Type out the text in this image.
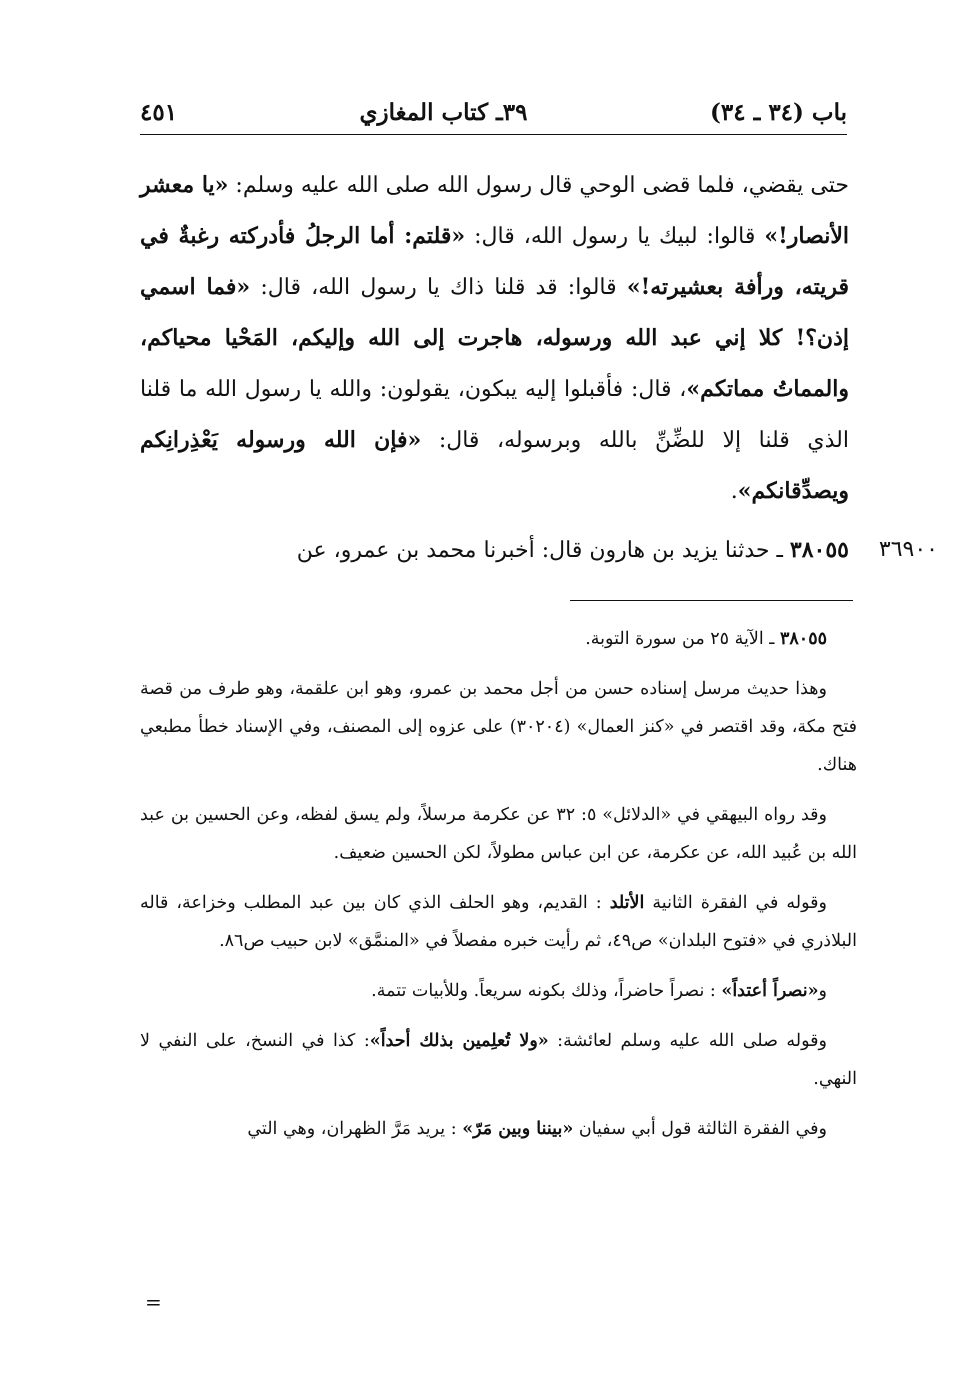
باب (٣٤ ـ ٣٤)
٣٩ـ كتاب المغازي
٤٥١
حتى يقضي، فلما قضى الوحي قال رسول الله صلى الله عليه وسلم: «يا معشر الأنصار!» قالوا: لبيك يا رسول الله، قال: «قلتم: أما الرجلُ فأدركته رغبةٌ في قريته، ورأفة بعشيرته!» قالوا: قد قلنا ذاك يا رسول الله، قال: «فما اسمي إذن؟! كلا إني عبد الله ورسوله، هاجرت إلى الله وإليكم، المَحْيا محياكم، والمماتُ مماتكم»، قال: فأقبلوا إليه يبكون، يقولون: والله يا رسول الله ما قلنا الذي قلنا إلا للضِّنِّ بالله وبرسوله، قال: «فإن الله ورسوله يَعْذِرانِكم ويصدِّقانكم».
٣٨٠٥٥ ـ حدثنا يزيد بن هارون قال: أخبرنا محمد بن عمرو، عن	٣٦٩٠٠

٣٨٠٥٥ ـ الآية ٢٥ من سورة التوبة.

وهذا حديث مرسل إسناده حسن من أجل محمد بن عمرو، وهو ابن علقمة، وهو طرف من قصة فتح مكة، وقد اقتصر في «كنز العمال» (٣٠٢٠٤) على عزوه إلى المصنف، وفي الإسناد خطأ مطبعي هناك.

وقد رواه البيهقي في «الدلائل» ٥: ٣٢ عن عكرمة مرسلاً، ولم يسق لفظه، وعن الحسين بن عبد الله بن عُبيد الله، عن عكرمة، عن ابن عباس مطولاً، لكن الحسين ضعيف.

وقوله في الفقرة الثانية الأتلد : القديم، وهو الحلف الذي كان بين عبد المطلب وخزاعة، قاله البلاذري في «فتوح البلدان» ص٤٩، ثم رأيت خبره مفصلاً في «المنمَّق» لابن حبيب ص٨٦.

و«نصراً أعتداً» : نصراً حاضراً، وذلك بكونه سريعاً. وللأبيات تتمة.

وقوله صلى الله عليه وسلم لعائشة: «ولا تُعلِمين بذلك أحداً»: كذا في النسخ، على النفي لا النهي.

وفي الفقرة الثالثة قول أبي سفيان «بيننا وبين مَرّ» : يريد مَرَّ الظهران، وهي التي

=
